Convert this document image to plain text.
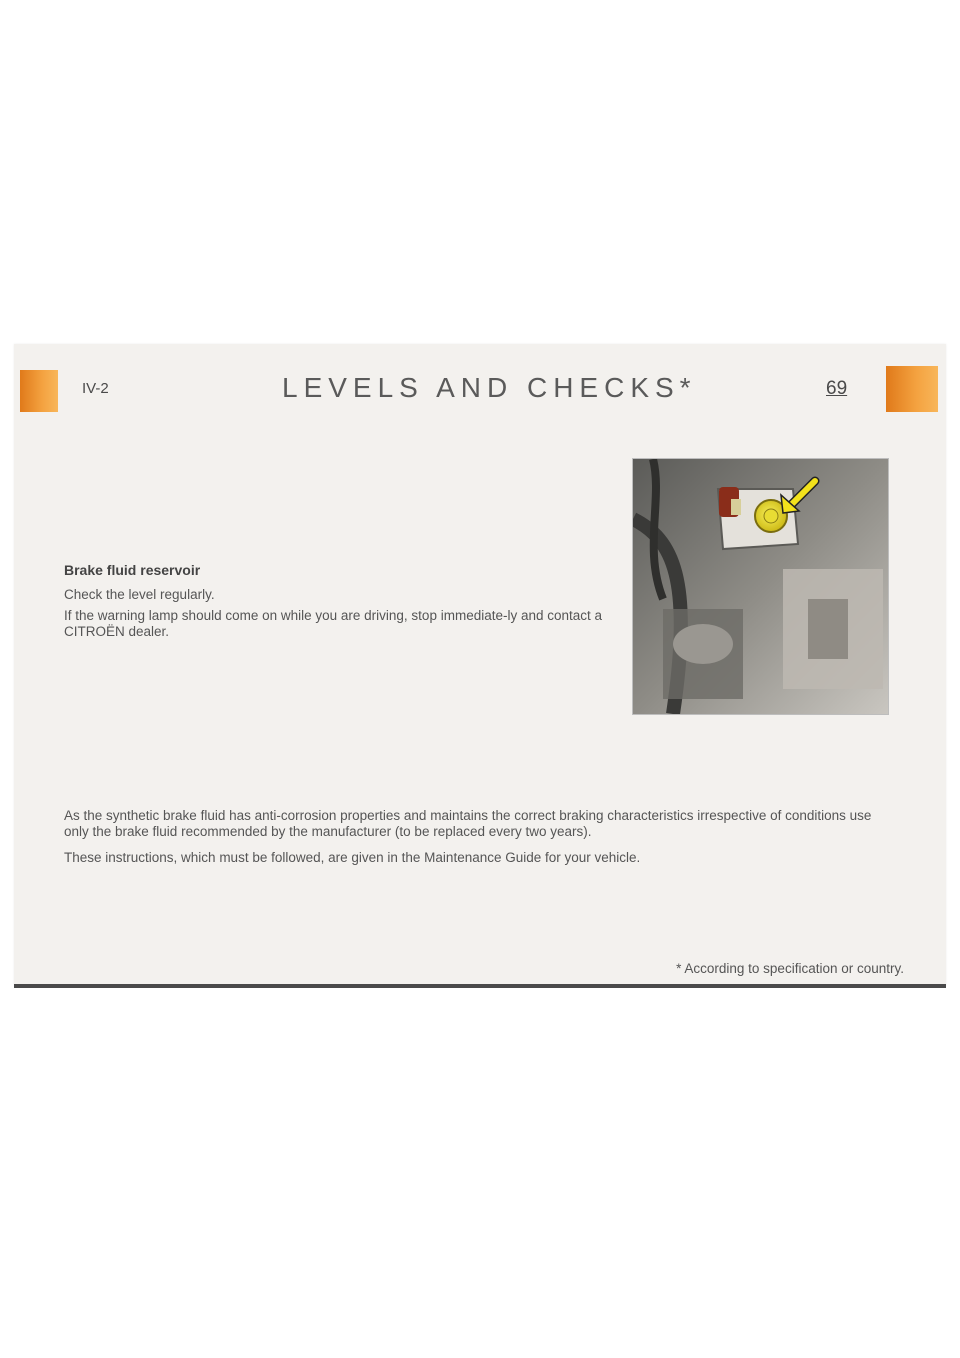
IV-2	LEVELS AND CHECKS*	69
Brake fluid reservoir
Check the level regularly.
If the warning lamp should come on while you are driving, stop immediate-ly and contact a CITROËN dealer.
As the synthetic brake fluid has anti-corrosion properties and maintains the correct braking characteristics irrespective of conditions use only the brake fluid recommended by the manufacturer (to be replaced every two years).
These instructions, which must be followed, are given in the Maintenance Guide for your vehicle.
* According to specification or country.
